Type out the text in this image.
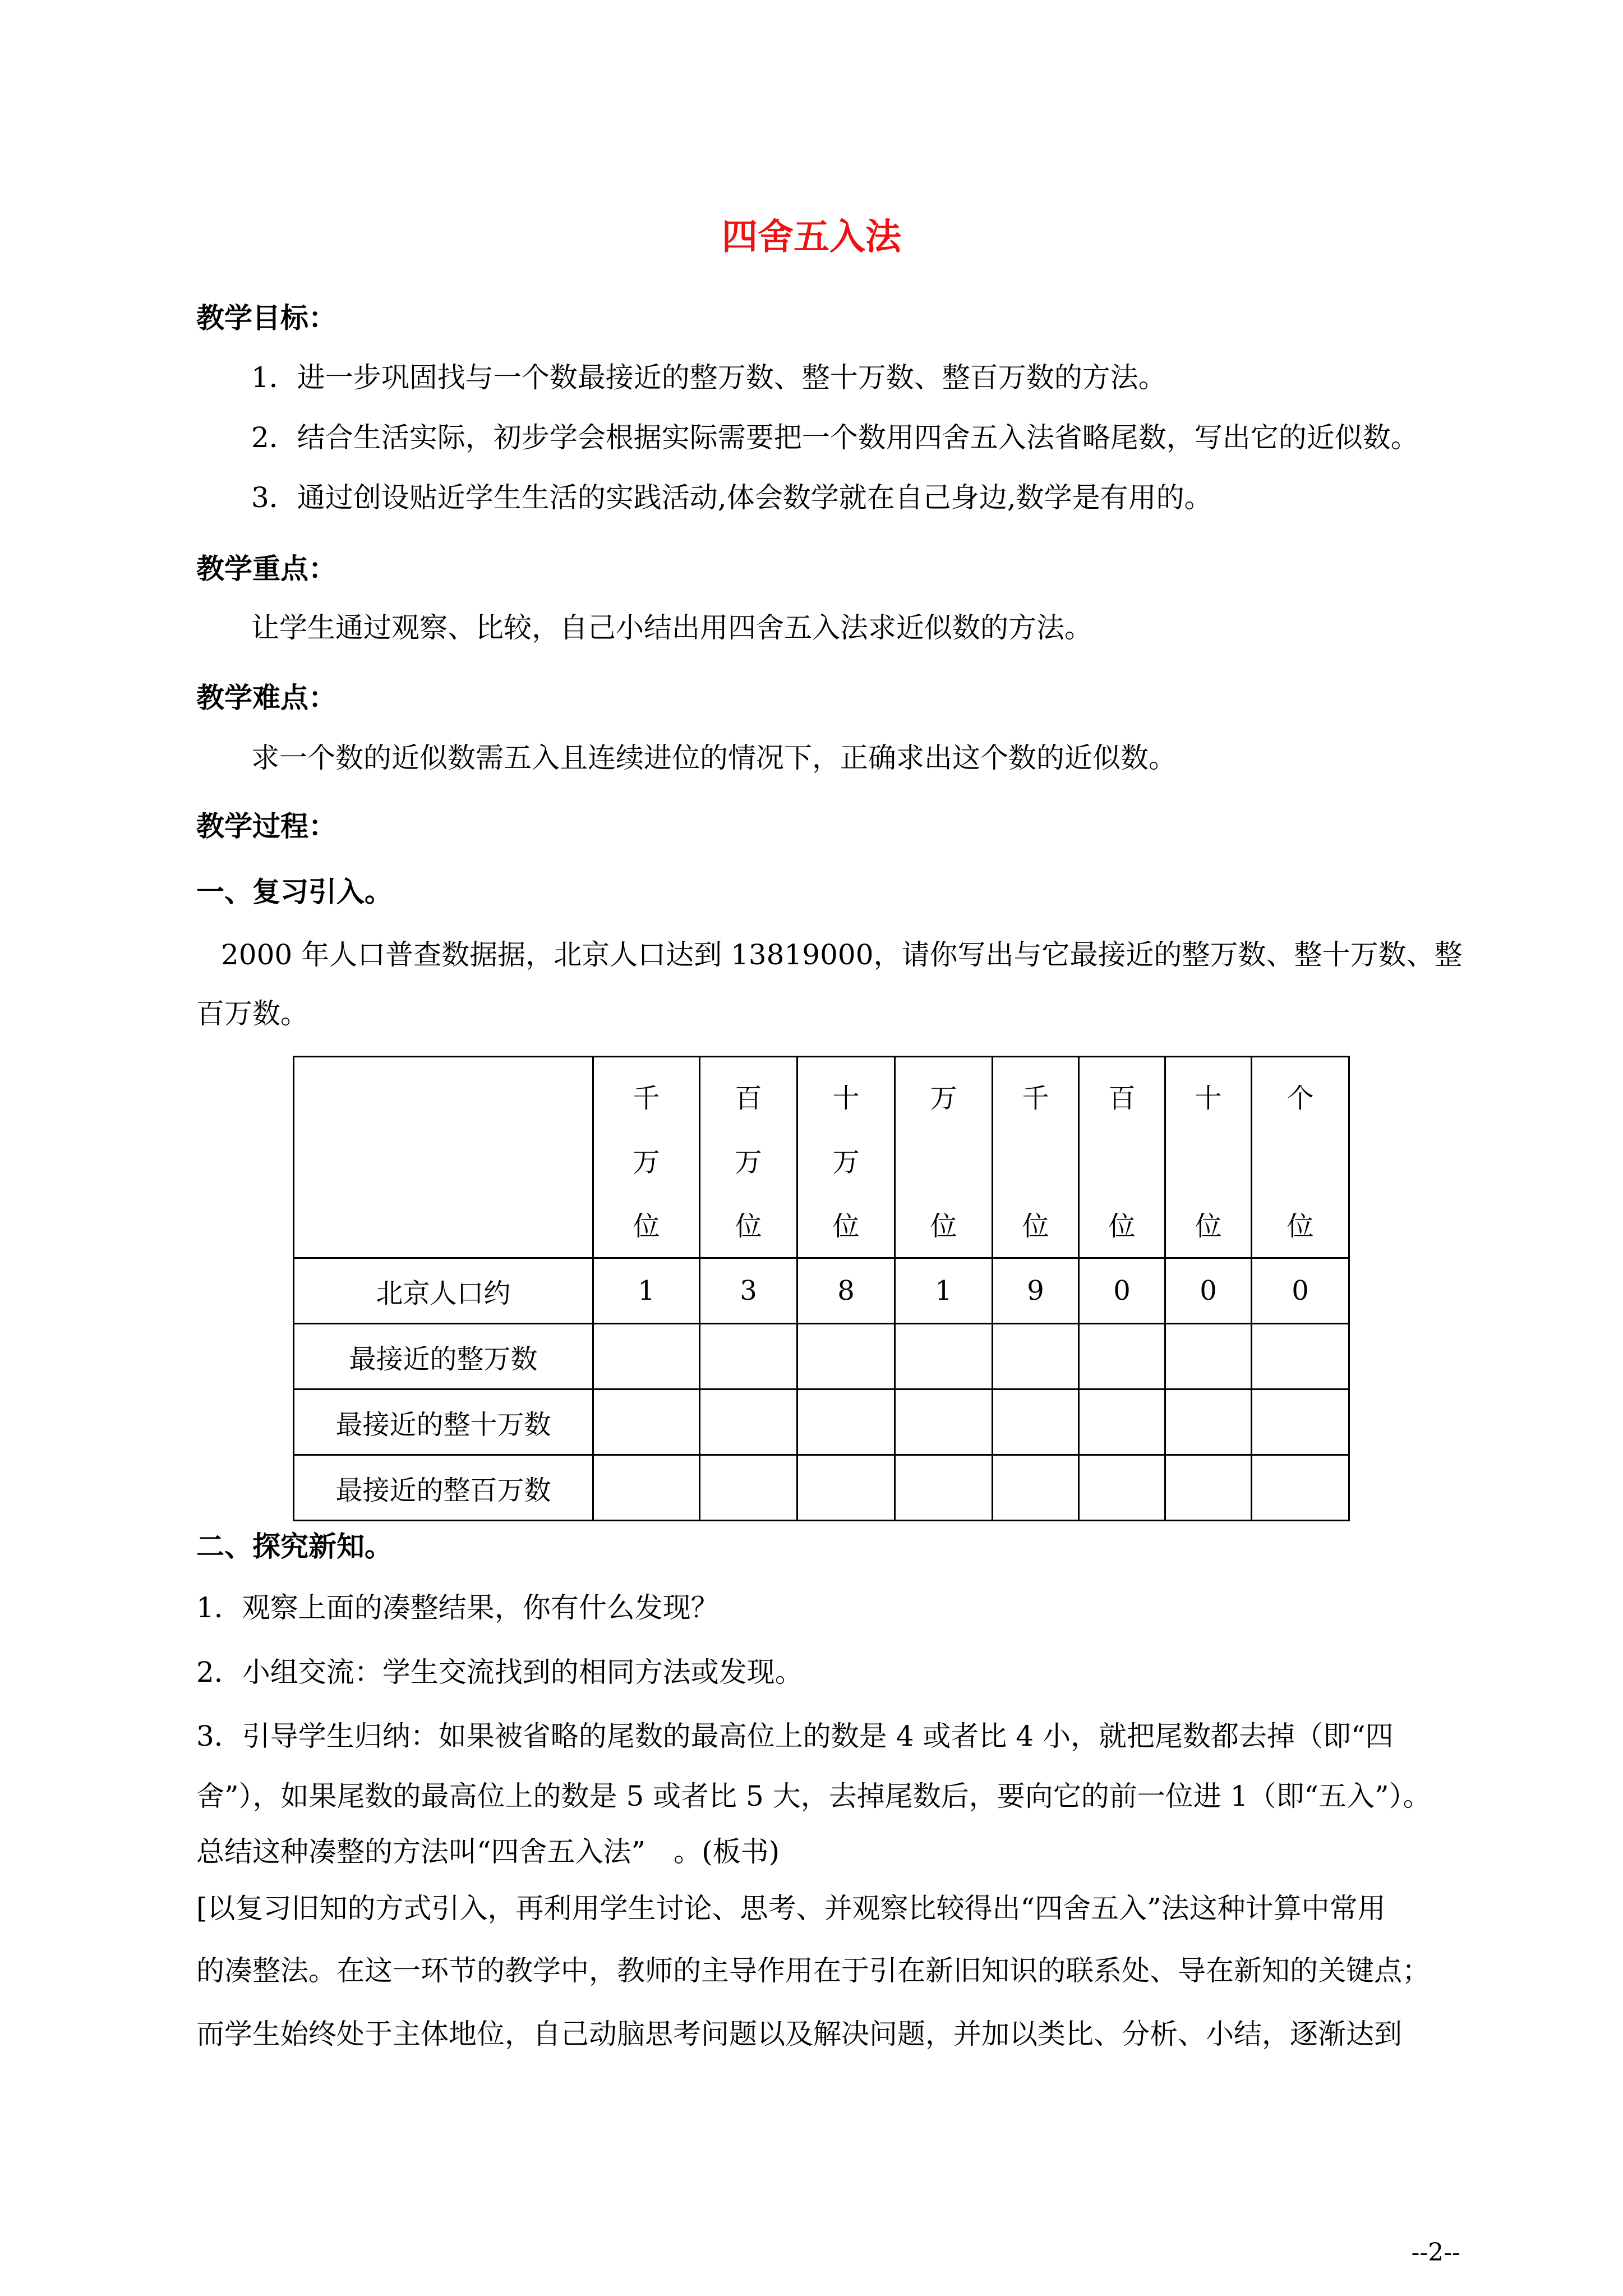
四舍五入法
教学目标：
1．进一步巩固找与一个数最接近的整万数、整十万数、整百万数的方法。
2．结合生活实际，初步学会根据实际需要把一个数用四舍五入法省略尾数，写出它的近似数。
3．通过创设贴近学生生活的实践活动,体会数学就在自己身边,数学是有用的。
教学重点：
让学生通过观察、比较，自己小结出用四舍五入法求近似数的方法。
教学难点：
求一个数的近似数需五入且连续进位的情况下，正确求出这个数的近似数。
教学过程：
一、复习引入。
2000 年人口普查数据据，北京人口达到 13819000，请你写出与它最接近的整万数、整十万数、整
百万数。

	千
万
位	百
万
位	十
万
位	万
位	千
位	百
位	十
位	个
位

北京人口约	1	3	8	1	9	0	0	0
最接近的整万数								
最接近的整十万数								
最接近的整百万数								
二、探究新知。
1．观察上面的凑整结果，你有什么发现？
2．小组交流：学生交流找到的相同方法或发现。
3．引导学生归纳：如果被省略的尾数的最高位上的数是 4 或者比 4 小，就把尾数都去掉（即“四
舍”），如果尾数的最高位上的数是 5 或者比 5 大，去掉尾数后，要向它的前一位进 1（即“五入”）。
总结这种凑整的方法叫“四舍五入法”　。(板书)
[以复习旧知的方式引入，再利用学生讨论、思考、并观察比较得出“四舍五入”法这种计算中常用
的凑整法。在这一环节的教学中，教师的主导作用在于引在新旧知识的联系处、导在新知的关键点；
而学生始终处于主体地位，自己动脑思考问题以及解决问题，并加以类比、分析、小结，逐渐达到
--2--
